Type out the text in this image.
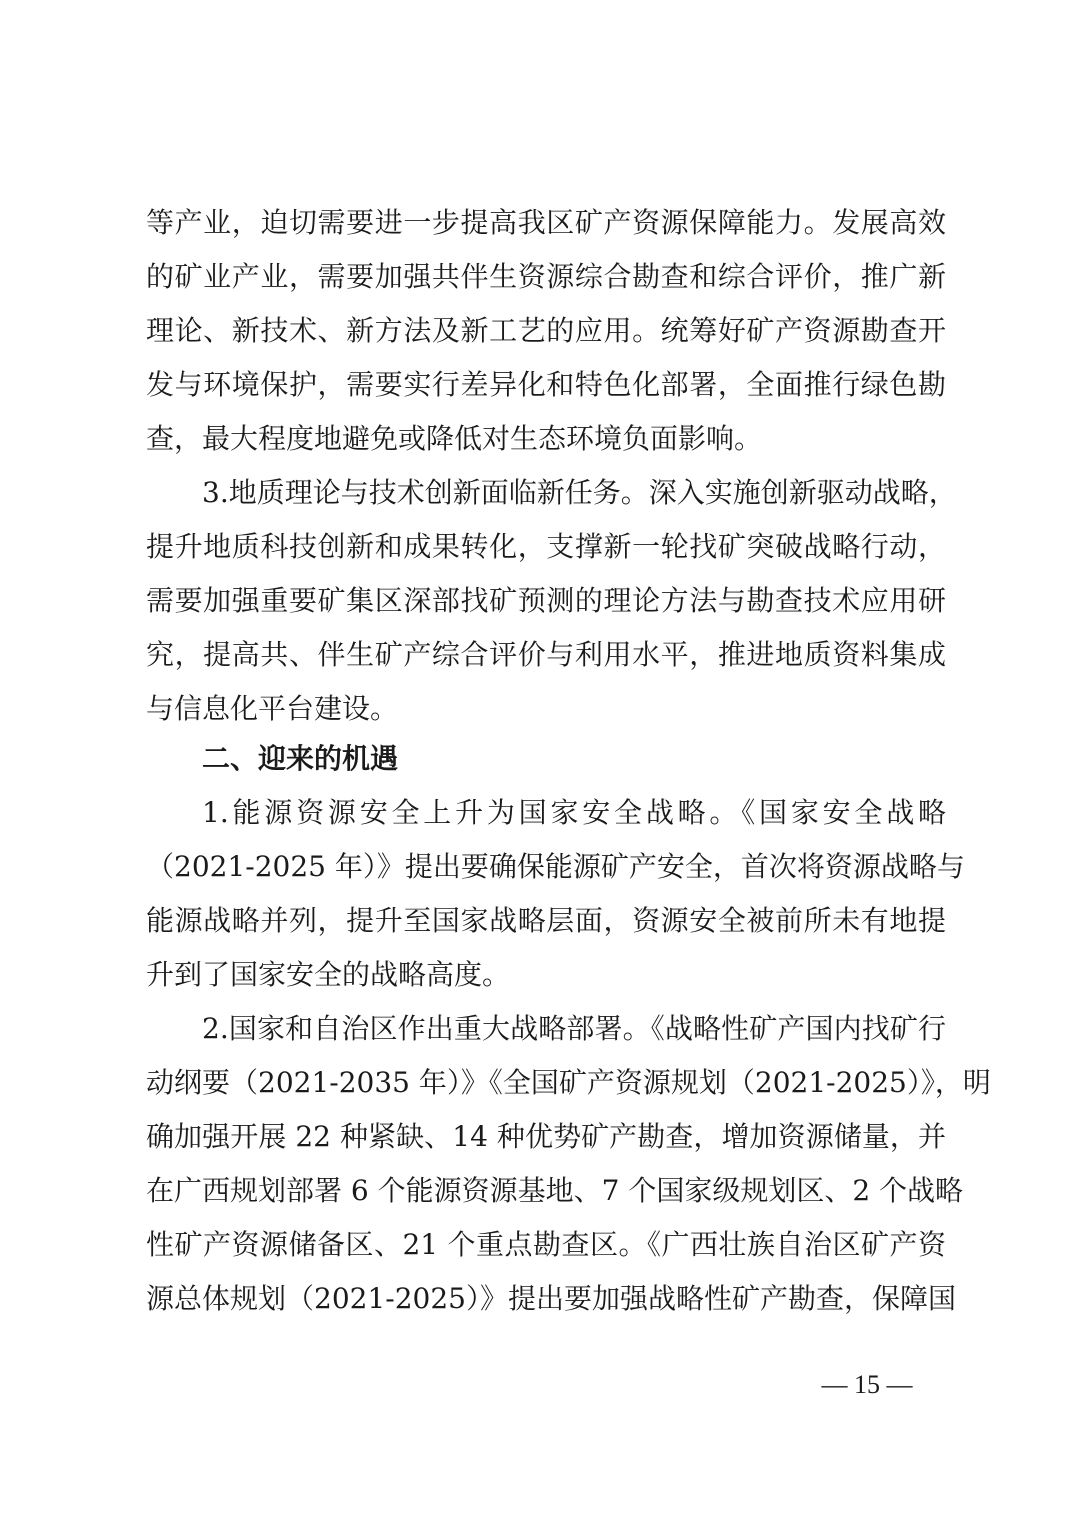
等产业，迫切需要进一步提高我区矿产资源保障能力。发展高效
的矿业产业，需要加强共伴生资源综合勘查和综合评价，推广新
理论、新技术、新方法及新工艺的应用。统筹好矿产资源勘查开
发与环境保护，需要实行差异化和特色化部署，全面推行绿色勘
查，最大程度地避免或降低对生态环境负面影响。
3.地质理论与技术创新面临新任务。深入实施创新驱动战略，
提升地质科技创新和成果转化，支撑新一轮找矿突破战略行动，
需要加强重要矿集区深部找矿预测的理论方法与勘查技术应用研
究，提高共、伴生矿产综合评价与利用水平，推进地质资料集成
与信息化平台建设。
二、迎来的机遇
1.能源资源安全上升为国家安全战略。《国家安全战略
（2021-2025 年）》提出要确保能源矿产安全，首次将资源战略与
能源战略并列，提升至国家战略层面，资源安全被前所未有地提
升到了国家安全的战略高度。
2.国家和自治区作出重大战略部署。《战略性矿产国内找矿行
动纲要（2021-2035 年）》《全国矿产资源规划（2021-2025）》，明
确加强开展 22 种紧缺、14 种优势矿产勘查，增加资源储量，并
在广西规划部署 6 个能源资源基地、7 个国家级规划区、2 个战略
性矿产资源储备区、21 个重点勘查区。《广西壮族自治区矿产资
源总体规划（2021-2025）》提出要加强战略性矿产勘查，保障国
— 15 —
